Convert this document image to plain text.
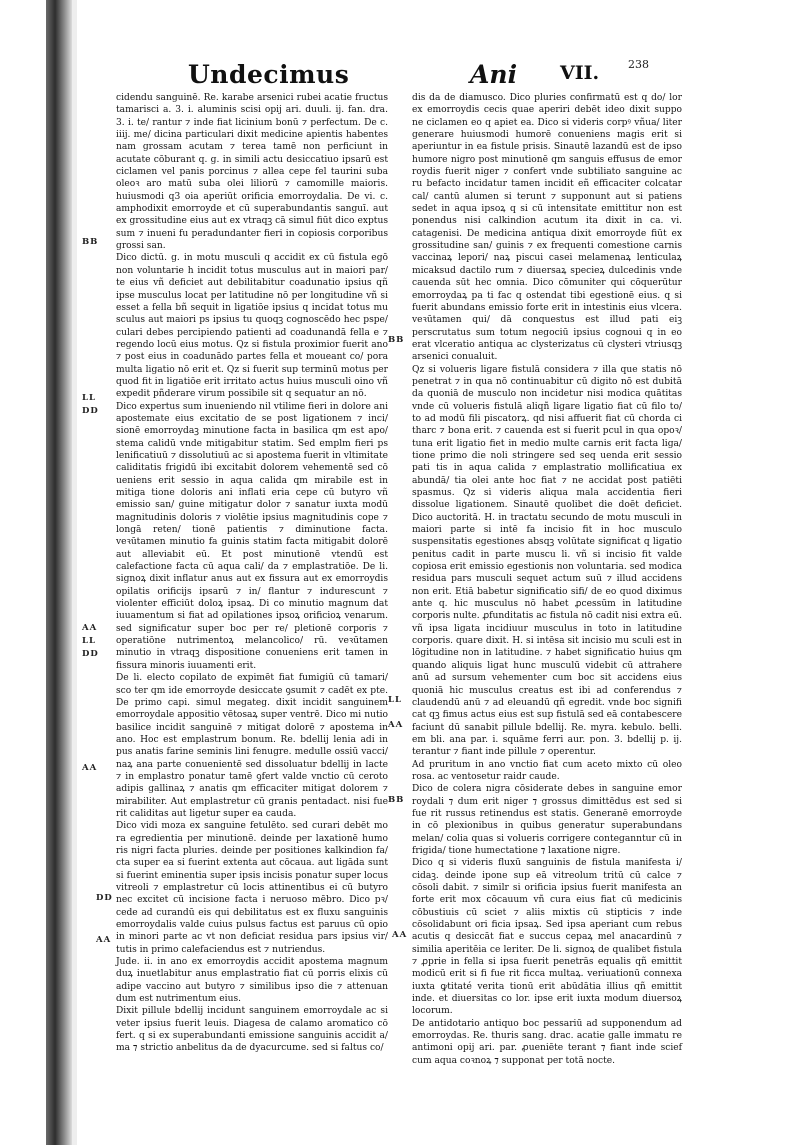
Undecimus	Ani VII.	238
BB
LL
DD
AA
LL
DD
AA
DD
AA
BB
LL
AA
BB
AA

cidendu sanguinē. Re. karabe arsenici rubei acatie fructus tamarisci a. 3. i. aluminis scisi opij ari. duuli. ij. fan. dra. 3. i. te/ rantur ⁊ inde fiat licinium bonū ⁊ perfectum. De c. iiij. me/ dicina particulari dixit medicine apientis habentes nam grossam acutam ⁊ terea tamē non perficiunt in acutate cōburant q. g. in simili actu desiccatiuo ipsarū est ciclamen vel panis porcinus ⁊ allea cepe fel taurini suba oleoꝛ aro matū suba olei liliorū ⁊ camomille maioris. huiusmodi q3 oia aperiūt orificia emorroydalia. De vi. c. amphodixit emorroyde et cū superabundantis sanguī. aut ex grossitudine eius aut ex vtraqꝫ cā simul fiūt dico exptus sum ⁊ inueni fu peradundanter fieri in copiosis corporibus grossi san.

Dico dictū. g. in motu musculi q accidit ex cū fistula egō non voluntarie h incidit totus musculus aut in maiori par/ te eius vñ deficiet aut debilitabitur coadunatio ipsius qñ ipse musculus locat per latitudine nō per longitudine vñ si esset a fella bñ sequit in ligatiōe ipsius q incidat totus mu sculus aut maiori ps ipsius tu quoqꝫ cognoscēdo hec pspe/ culari debes percipiendo patienti ad coadunandā fella e ⁊ regendo locū eius motus. Qz si fistula proximior fuerit ano ⁊ post eius in coadunādo partes fella et moueant co/ pora multa ligatio nō erit et. Qz si fuerit sup terminū motus per quod fit in ligatiōe erit irritato actus huius musculi oino vñ expedit pñderare virum possibile sit q sequatur an nō.

Dico expertus sum inueniendo nil vtilime fieri in dolore ani apostemate eius excitatio de se post ligationem ⁊ inci/ sionē emorroydaꝫ minutione facta in basilica qm est apo/ stema calidū vnde mitigabitur statim. Sed emplm fieri ps lenificatiuū ⁊ dissolutiuū ac si apostema fuerit in vltimitate caliditatis frigidū ibi excitabit dolorem vehementē sed cō ueniens erit sessio in aqua calida qm mirabile est in mitiga tione doloris ani inflati eria cepe cū butyro vñ emissio san/ guine mitigatur dolor ⁊ sanatur iuxta modū magnitudinis doloris ⁊ violētie ipsius magnitudinis cope ⁊ longā reten/ tionē patientis ⁊ diminutione facta. veꝛūtamen minutio fa guinis statim facta mitigabit dolorē aut alleviabit eū. Et post minutionē vtendū est calefactione facta cū aqua cali/ da ⁊ emplastratiōe. De li. signoꝝ dixit inflatur anus aut ex fissura aut ex emorroydis opilatis orificijs ipsarū ⁊ in/ flantur ⁊ indurescunt ⁊ violenter efficiūt doloꝝ ipsaꝝ. Di co minutio magnum dat iuuamentum si fiat ad opilationes ipsoꝝ orificioꝝ venarum. sed significatur super boc per re/ pletionē corporis ⁊ operatiōne nutrimentoꝝ melancolico/ rū. veꝛūtamen minutio in vtraqꝫ dispositione conueniens erit tamen in fissura minoris iuuamenti erit.

De li. electo copilato de expimēt fiat fumigiū cū tamari/ sco ter qm ide emorroyde desiccate ꝯsumit ⁊ cadēt ex pte. De primo capi. simul megateg. dixit incidit sanguinem emorroydale appositio vētosaꝝ super ventrē. Dico mi nutio basilice incidit sanguinē ⁊ mitigat dolorē ⁊ apostema in ano. Hoc est emplastrum bonum. Re. bdellij lenia adi in pus anatis farine seminis lini fenugre. medulle ossiū vacci/ naꝝ ana parte conuenientē sed dissoluatur bdellij in lacte ⁊ in emplastro ponatur tamē ꝯfert valde vnctio cū ceroto adipis gallinaꝝ ⁊ anatis qm efficaciter mitigat dolorem ⁊ mirabiliter. Aut emplastretur cū granis pentadact. nisi fue rit caliditas aut ligetur super ea cauda.

Dico vidi moza ex sanguine fetulēto. sed curari debēt mo ra egredientia per minutionē. deinde per laxationē humo ris nigri facta pluries. deinde per positiones kalkindion fa/ cta super ea si fuerint extenta aut cōcaua. aut ligāda sunt si fuerint eminentia super ipsis incisis ponatur super locus vitreoli ⁊ emplastretur cū locis attinentibus ei cū butyro nec excitet cū incisione facta i neruoso mēbro. Dico pꝛ/ cede ad curandū eis qui debilitatus est ex fluxu sanguinis emorroydalis valde cuius pulsus factus est paruus cū opio in minori parte ac vt non deficiat residua pars ipsius vir/ tutis in primo calefaciendus est ⁊ nutriendus.

Jude. ii. in ano ex emorroydis accidit apostema magnum duꝝ inuetlabitur anus emplastratio fiat cū porris elixis cū adipe vaccino aut butyro ⁊ similibus ipso die ⁊ attenuan dum est nutrimentum eius.

Dixit pillule bdellij incidunt sanguinem emorroydale ac si veter ipsius fuerit leuis. Diagesa de calamo aromatico cō fert. q si ex superabundanti emissione sanguinis accidit a/ ma ⁊ strictio anbelitus da de dyacurcume. sed si faltus co/

dis da de diamusco. Dico pluries confirmatū est q do/ lor ex emorroydis cecis quae aperiri debēt ideo dixit suppo ne ciclamen eo q apiet ea. Dico si videris corpꝰ vñua/ liter generare huiusmodi humorē conueniens magis erit si aperiuntur in ea fistule prisis. Sinautē lazandū est de ipso humore nigro post minutionē qm sanguis effusus de emor roydis fuerit niger ⁊ confert vnde subtiliato sanguine ac ru befacto incidatur tamen incidit eñ efficaciter colcatar cal/ cantū alumen si terunt ⁊ supponunt aut si patiens sedet in aqua ipsoꝝ q si cū intensitate emittitur non est ponendus nisi calkindion acutum ita dixit in ca. vi. catagenisi. De medicina antiqua dixit emorroyde fiūt ex grossitudine san/ guinis ⁊ ex frequenti comestione carnis vaccinaꝝ lepori/ naꝝ piscui casei melamenaꝝ lenticulaꝝ micaksud dactilo rum ⁊ diuersaꝝ specieꝝ dulcedinis vnde cauenda sūt hec omnia. Dico cōmuniter qui cōquerūtur emorroydaꝝ pa ti fac q ostendat tibi egestionē eius. q si fuerit abundans emissio forte erit in intestinis eius vlcera. veꝛūtamen qui/ dā conquestus est illud pati eiꝫ perscrutatus sum totum negociū ipsius cognoui q in eo erat vlceratio antiqua ac clysterizatus cū clysteri vtriusqꝫ arsenici conualuit.

Qz si volueris ligare fistulā considera ⁊ illa que statis nō penetrat ⁊ in qua nō continuabitur cū digito nō est dubitā da quoniā de musculo non incidetur nisi modica quātitas vnde cū volueris fistulā aliqñ ligare ligatio fiat cū filo to/ to ad modū fili piscatorꝝ. qd nisi affuerit fiat cū chorda ci tharc ⁊ bona erit. ⁊ cauenda est si fuerit pcul in qua opoꝛ/ tuna erit ligatio fiet in medio multe carnis erit facta liga/ tione primo die noli stringere sed seq uenda erit sessio pati tis in aqua calida ⁊ emplastratio mollificatiua ex abundā/ tia olei ante hoc fiat ⁊ ne accidat post patiēti spasmus. Qz si videris aliqua mala accidentia fieri dissolue ligationem. Sinautē quolibet die doēt deficiet. Dico auctoritā. H. in tractatu secundo de motu musculi in maiori parte si intē fa incisio fit in hoc musculo suspensitatis egestiones absqꝫ volūtate significat q ligatio penitus cadit in parte muscu li. vñ si incisio fit valde copiosa erit emissio egestionis non voluntaria. sed modica residua pars musculi sequet actum suū ⁊ illud accidens non erit. Etiā babetur significatio sifi/ de eo quod diximus ante q. hic musculus nō habet ꝓcessūm in latitudine corporis nulte. ꝓfunditatis ac fistula nō cadit nisi extra eū. vñ ipsa ligata incidiuur musculus in toto in latitudine corporis. quare dixit. H. si intēsa sit incisio mu sculi est in lōgitudine non in latitudine. ⁊ habet significatio huius qm quando aliquis ligat hunc musculū videbit cū attrahere anū ad sursum vehementer cum boc sit accidens eius quoniā hic musculus creatus est ibi ad conferendus ⁊ claudendū anū ⁊ ad eleuandū qñ egredit. vnde boc signifi cat qꝫ fimus actus eius est sup fistulā sed eā contabescere faciunt dū sanabit pillule bdellij. Re. myra. kebulo. belli. em bli. ana par. i. squāme ferri aur. pon. 3. bdellij p. ij. terantur ⁊ fiant inde pillule ⁊ operentur.

Ad pruritum in ano vnctio fiat cum aceto mixto cū oleo rosa. ac ventosetur raidr caude.

Dico de colera nigra cōsiderate debes in sanguine emor roydali ⁊ dum erit niger ⁊ grossus dimittēdus est sed si fue rit russus retinendus est statis. Generanē emorroyde in cō plexionibus in quibus generatur superabundans melan/ colia quas si volueris corrigere conteganntur cū in frigida/ tione humectatione ⁊ laxatione nigre.

Dico q si videris fluxū sanguinis de fistula manifesta i/ cidaꝫ. deinde ipone sup eā vitreolum tritū cū calce ⁊ cōsoli dabit. ⁊ similr si orificia ipsius fuerit manifesta an forte erit mox cōcauum vñ cura eius fiat cū medicinis cōbustiuis cū sciet ⁊ aliis mixtis cū stipticis ⁊ inde cōsolidabunt ori ficia ipsaꝝ. Sed ipsa aperiant cum rebus acutis q desiccāt fiat e succus cepaꝝ mel anacardinū ⁊ similia aperitēia ce leriter. De li. signoꝝ de qualibet fistula ⁊ ꝓprie in fella si ipsa fuerit penetrās equalis qñ emittit modicū erit si fi fue rit ficca multaꝝ. veriuationū connexa iuxta ꝙtitaté verita tionū erit abūdātia illius qñ emittit inde. et diuersitas co lor. ipse erit iuxta modum diuersoꝝ locorum.

De antidotario antiquo boc pessariū ad supponendum ad emorroydas. Re. thuris sang. drac. acatie galle immatu re antimoni opij ari. par. ꝓueniēte terant ⁊ fiant inde scief cum aqua coꝛnoꝝ ⁊ supponat per totā nocte.
